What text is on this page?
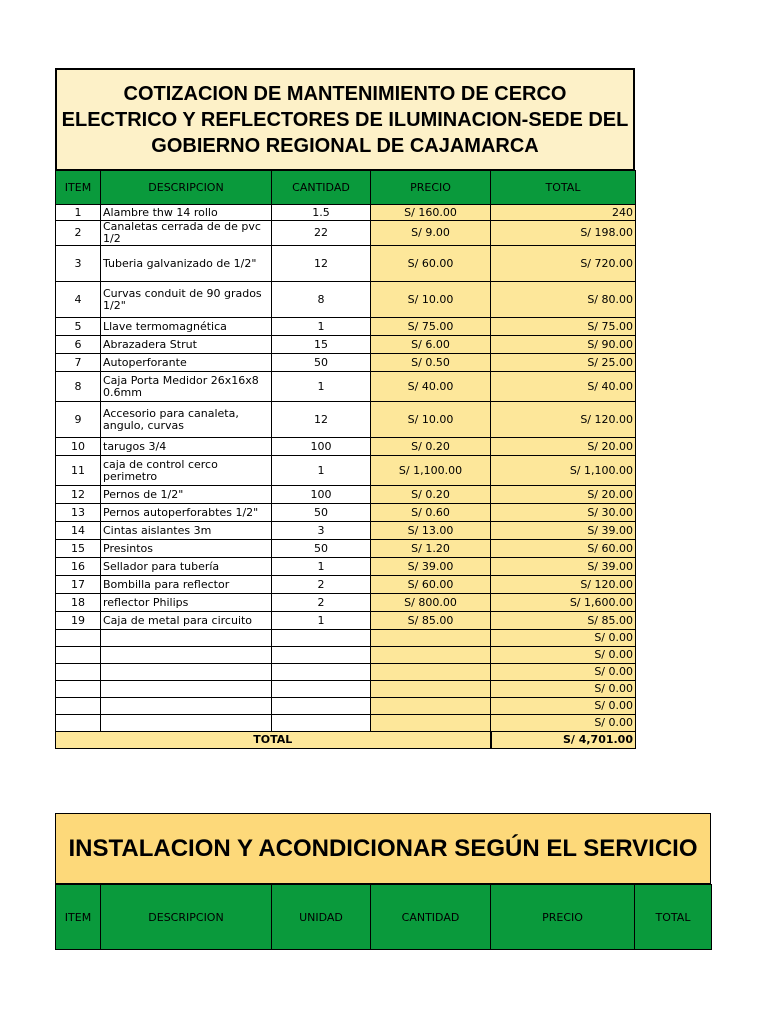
COTIZACION DE MANTENIMIENTO DE CERCO
ELECTRICO Y REFLECTORES DE ILUMINACION-SEDE DEL
GOBIERNO REGIONAL DE CAJAMARCA
ITEM	DESCRIPCION	CANTIDAD	PRECIO	TOTAL
1	Alambre thw 14 rollo	1.5	S/ 160.00	240
2	Canaletas cerrada de de pvc 1/2	22	S/ 9.00	S/ 198.00
3	Tuberia galvanizado de 1/2"	12	S/ 60.00	S/ 720.00
4	Curvas conduit de 90 grados 1/2"	8	S/ 10.00	S/ 80.00
5	Llave termomagnética	1	S/ 75.00	S/ 75.00
6	Abrazadera Strut	15	S/ 6.00	S/ 90.00
7	Autoperforante	50	S/ 0.50	S/ 25.00
8	Caja Porta Medidor 26x16x8 0.6mm	1	S/ 40.00	S/ 40.00
9	Accesorio para canaleta, angulo, curvas	12	S/ 10.00	S/ 120.00
10	tarugos 3/4	100	S/ 0.20	S/ 20.00
11	caja de control cerco perimetro	1	S/ 1,100.00	S/ 1,100.00
12	Pernos de 1/2"	100	S/ 0.20	S/ 20.00
13	Pernos autoperforabtes 1/2"	50	S/ 0.60	S/ 30.00
14	Cintas aislantes 3m	3	S/ 13.00	S/ 39.00
15	Presintos	50	S/ 1.20	S/ 60.00
16	Sellador para tubería	1	S/ 39.00	S/ 39.00
17	Bombilla para reflector	2	S/ 60.00	S/ 120.00
18	reflector Philips	2	S/ 800.00	S/ 1,600.00
19	Caja de metal para circuito	1	S/ 85.00	S/ 85.00
				S/ 0.00
				S/ 0.00
				S/ 0.00
				S/ 0.00
				S/ 0.00
				S/ 0.00
TOTAL				S/ 4,701.00
INSTALACION Y ACONDICIONAR SEGÚN EL SERVICIO
ITEM	DESCRIPCION	UNIDAD	CANTIDAD	PRECIO	TOTAL
